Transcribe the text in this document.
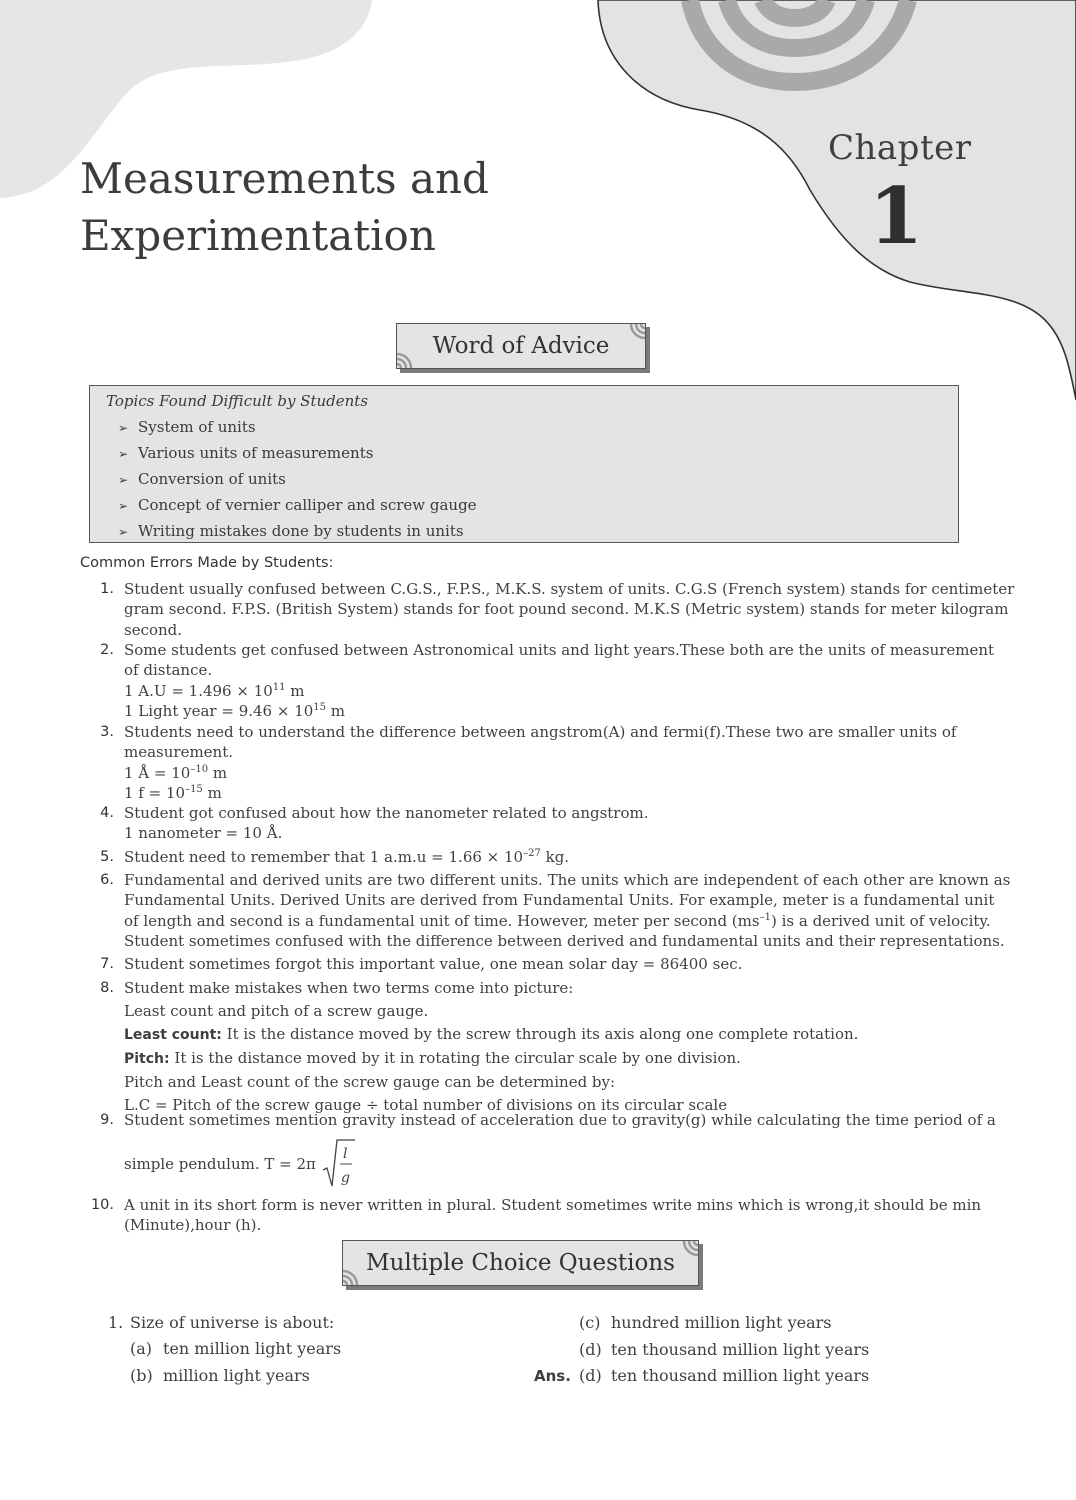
Chapter
1
Measurements and
Experimentation
Word of Advice
Topics Found Difficult by Students
➢ System of units
➢ Various units of measurements
➢ Conversion of units
➢ Concept of vernier calliper and screw gauge
➢ Writing mistakes done by students in units
Common Errors Made by Students:
1. Student usually confused between C.G.S., F.P.S., M.K.S. system of units. C.G.S (French system) stands for centimeter
gram second. F.P.S. (British System) stands for foot pound second. M.K.S (Metric system) stands for meter kilogram
second.
2. Some students get confused between Astronomical units and light years.These both are the units of measurement
of distance.
1 $A.U = 1.496 \times 10^{11}$ m
1 Light year = $9.46 \times 10^{15}$ m
3. Students need to understand the difference between angstrom(A) and fermi(f).These two are smaller units of
measurement.
1 Å = $10^{-10}$ m
1 $f = 10^{-15}$ m
4. Student got confused about how the nanometer related to angstrom.
1 nanometer = 10 Å.
5. Student need to remember that 1 $a.m.u = 1.66 \times 10^{-27}$ kg.
6. Fundamental and derived units are two different units. The units which are independent of each other are known as
Fundamental Units. Derived Units are derived from Fundamental Units. For example, meter is a fundamental unit
of length and second is a fundamental unit of time. However, meter per second $(ms^{-1})$ is a derived unit of velocity.
Student sometimes confused with the difference between derived and fundamental units and their representations.
7. Student sometimes forgot this important value, one mean solar day = 86400 sec.
8. Student make mistakes when two terms come into picture:
Least count and pitch of a screw gauge.
Least count: It is the distance moved by the screw through its axis along one complete rotation.
Pitch: It is the distance moved by it in rotating the circular scale by one division.
Pitch and Least count of the screw gauge can be determined by:
L.C = Pitch of the screw gauge ÷ total number of divisions on its circular scale
9. Student sometimes mention gravity instead of acceleration due to gravity(g) while calculating the time period of a
simple pendulum. T = 2π
l
g
10. A unit in its short form is never written in plural. Student sometimes write mins which is wrong,it should be min
(Minute),hour (h).
Multiple Choice Questions
1. Size of universe is about:
(a) ten million light years
(b) million light years
(c) hundred million light years
(d) ten thousand million light years
Ans. (d) ten thousand million light years
